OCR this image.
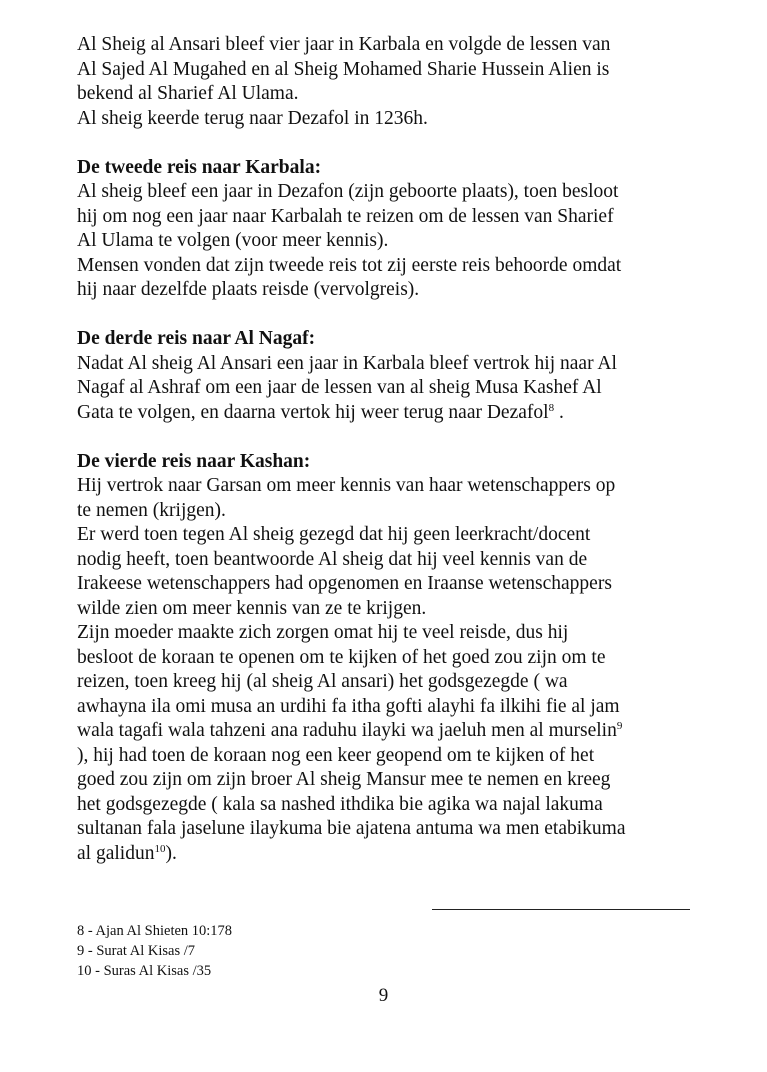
Al Sheig al Ansari bleef vier jaar in Karbala en volgde de lessen van
Al Sajed Al Mugahed en al Sheig Mohamed Sharie Hussein Alien is
bekend al Sharief Al Ulama.
Al sheig keerde terug naar Dezafol in 1236h.
De tweede reis naar Karbala:
Al sheig bleef een jaar in Dezafon (zijn geboorte plaats), toen besloot
hij om nog een jaar naar Karbalah te reizen om de lessen van Sharief
Al Ulama te volgen (voor meer kennis).
Mensen vonden dat zijn tweede reis tot zij eerste reis behoorde omdat
hij naar dezelfde plaats reisde (vervolgreis).
De derde reis naar Al Nagaf:
Nadat Al sheig Al Ansari een jaar in Karbala bleef vertrok hij naar Al
Nagaf al Ashraf om een jaar de lessen van al sheig Musa Kashef Al
Gata te volgen, en daarna vertok hij weer terug naar Dezafol$^8$ .
De vierde reis naar Kashan:
Hij vertrok naar Garsan om meer kennis van haar wetenschappers op
te nemen (krijgen).
Er werd toen tegen Al sheig gezegd dat hij geen leerkracht/docent
nodig heeft, toen beantwoorde Al sheig dat hij veel kennis van de
Irakeese wetenschappers had opgenomen en Iraanse wetenschappers
wilde zien om meer kennis van ze te krijgen.
Zijn moeder maakte zich zorgen omat hij te veel reisde, dus hij
besloot de koraan te openen om te kijken of het goed zou zijn om te
reizen, toen kreeg hij (al sheig Al ansari) het godsgezegde ( wa
awhayna ila omi musa an urdihi fa itha gofti alayhi fa ilkihi fie al jam
wala tagafi wala tahzeni ana raduhu ilayki wa jaeluh men al murselin$^9$
), hij had toen de koraan nog een keer geopend om te kijken of het
goed zou zijn om zijn broer Al sheig Mansur mee te nemen en kreeg
het godsgezegde ( kala sa nashed ithdika bie agika wa najal lakuma
sultanan fala jaselune ilaykuma bie ajatena antuma wa men etabikuma
al galidun$^{10}$).
8 - Ajan Al Shieten 10:178
9 - Surat Al Kisas /7
10 - Suras Al Kisas /35
9
